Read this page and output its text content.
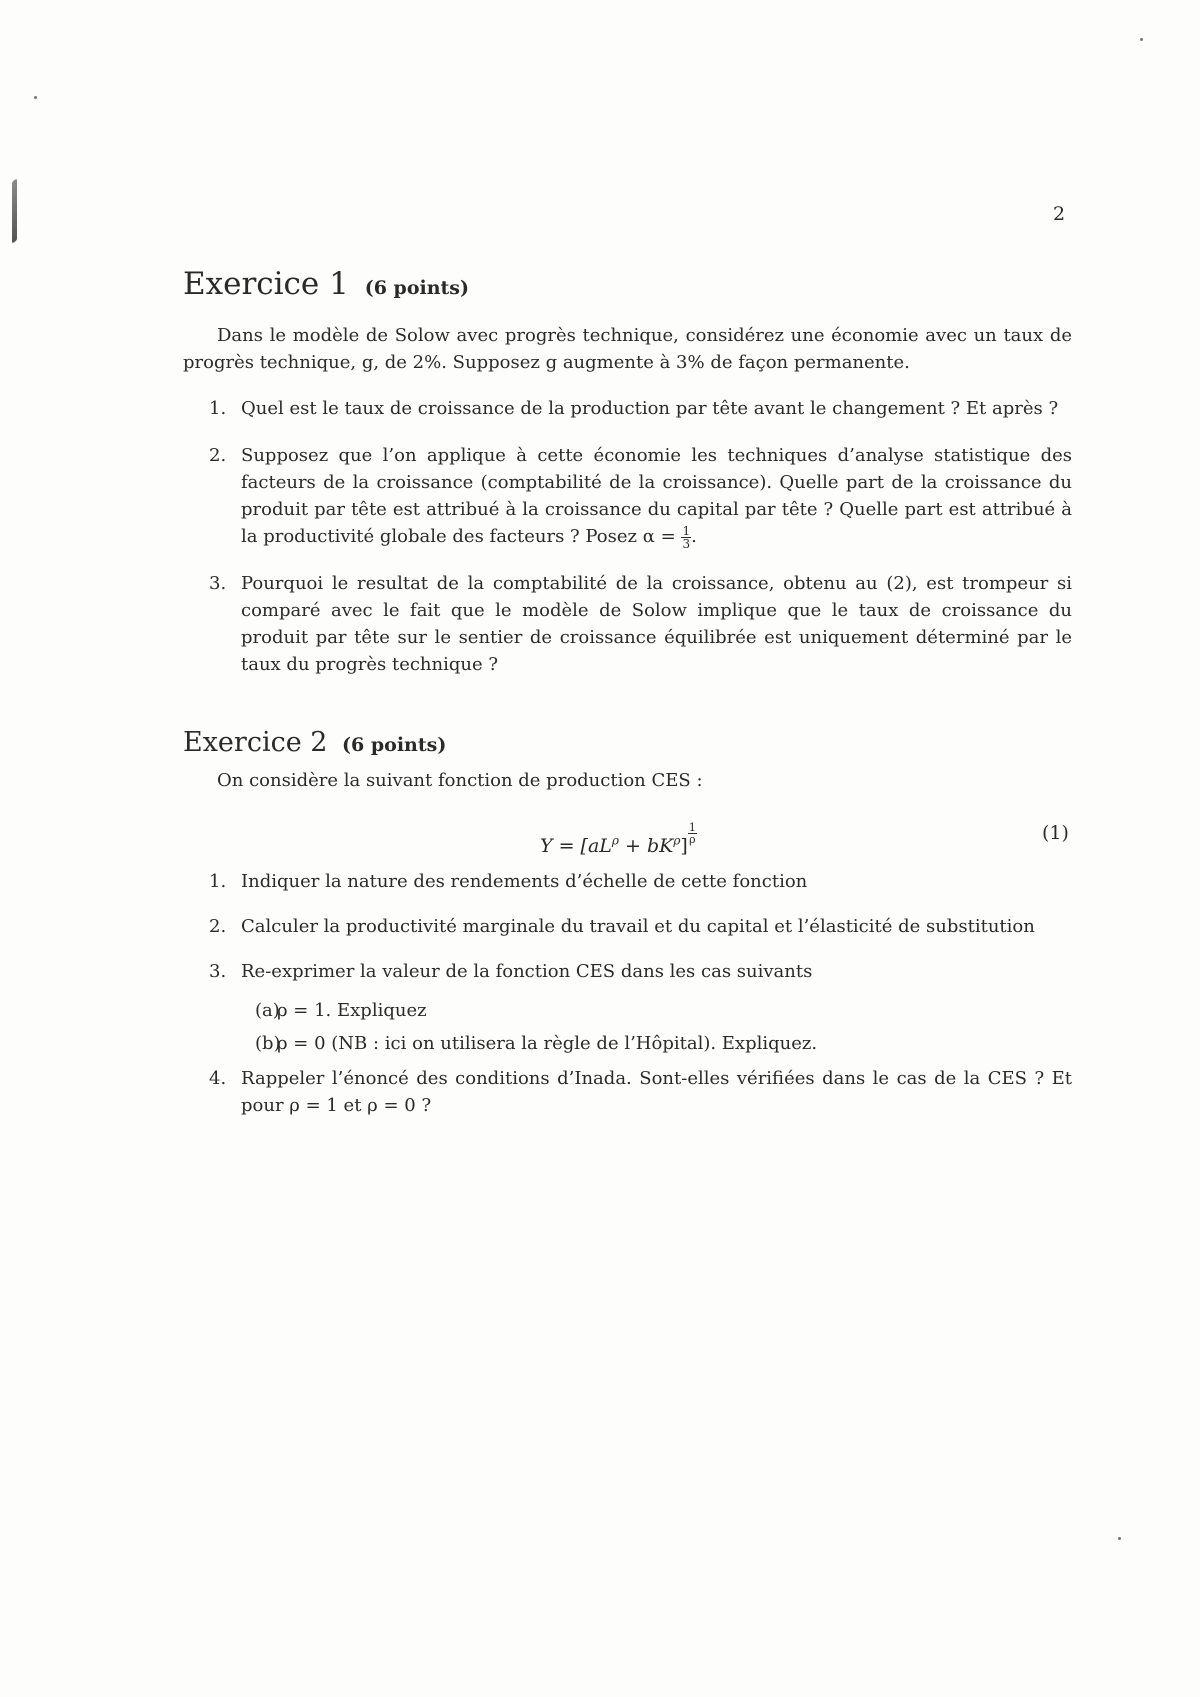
2
Exercice 1 (6 points)

Dans le modèle de Solow avec progrès technique, considérez une économie avec un taux de progrès technique, g, de 2%. Supposez g augmente à 3% de façon permanente.

1. Quel est le taux de croissance de la production par tête avant le changement ? Et après ?
2. Supposez que l’on applique à cette économie les techniques d’analyse statistique des facteurs de la croissance (comptabilité de la croissance). Quelle part de la croissance du produit par tête est attribué à la croissance du capital par tête ? Quelle part est attribué à la productivité globale des facteurs ? Posez $\alpha = \frac{1}{3}$ .
3. Pourquoi le resultat de la comptabilité de la croissance, obtenu au (2), est trompeur si comparé avec le fait que le modèle de Solow implique que le taux de croissance du produit par tête sur le sentier de croissance équilibrée est uniquement déterminé par le taux du progrès technique ?
Exercice 2 (6 points)

On considère la suivant fonction de production CES :

$Y = [aL^\rho + bK^\rho]$
$\frac{1}{\rho}$	(1)
1. Indiquer la nature des rendements d’échelle de cette fonction
2. Calculer la productivité marginale du travail et du capital et l’élasticité de substitution
3. Re-exprimer la valeur de la fonction CES dans les cas suivants
(a)
ρ = 1. Expliquez
(b)
ρ = 0 (NB : ici on utilisera la règle de l’Hôpital). Expliquez.
4. Rappeler l’énoncé des conditions d’Inada. Sont-elles vérifiées dans le cas de la CES ? Et pour ρ = 1 et ρ = 0 ?
